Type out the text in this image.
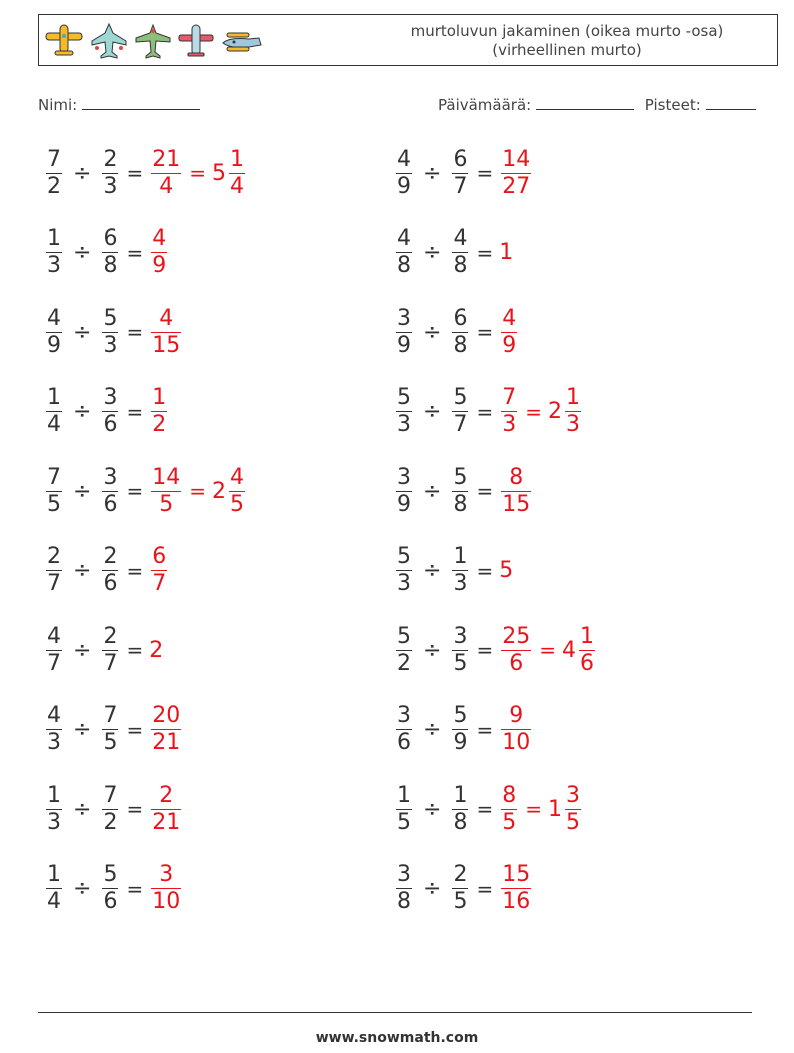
murtoluvun jakaminen (oikea murto -osa)
(virheellinen murto)
Nimi:	Päivämäärä:	Pisteet:
$\frac{7}{2} \div \frac{2}{3} = \frac{21}{4} = 5 \frac{1}{4}$	$\frac{4}{9} \div \frac{6}{7} = \frac{14}{27}$
$\frac{1}{3} \div \frac{6}{8} = \frac{4}{9}$	$\frac{4}{8} \div \frac{4}{8} = 1$
$\frac{4}{9} \div \frac{5}{3} = \frac{4}{15}$	$\frac{3}{9} \div \frac{6}{8} = \frac{4}{9}$
$\frac{1}{4} \div \frac{3}{6} = \frac{1}{2}$	$\frac{5}{3} \div \frac{5}{7} = \frac{7}{3} = 2 \frac{1}{3}$
$\frac{7}{5} \div \frac{3}{6} = \frac{14}{5} = 2 \frac{4}{5}$	$\frac{3}{9} \div \frac{5}{8} = \frac{8}{15}$
$\frac{2}{7} \div \frac{2}{6} = \frac{6}{7}$	$\frac{5}{3} \div \frac{1}{3} = 5$
$\frac{4}{7} \div \frac{2}{7} = 2$	$\frac{5}{2} \div \frac{3}{5} = \frac{25}{6} = 4 \frac{1}{6}$
$\frac{4}{3} \div \frac{7}{5} = \frac{20}{21}$	$\frac{3}{6} \div \frac{5}{9} = \frac{9}{10}$
$\frac{1}{3} \div \frac{7}{2} = \frac{2}{21}$	$\frac{1}{5} \div \frac{1}{8} = \frac{8}{5} = 1 \frac{3}{5}$
$\frac{1}{4} \div \frac{5}{6} = \frac{3}{10}$	$\frac{3}{8} \div \frac{2}{5} = \frac{15}{16}$
www.snowmath.com
